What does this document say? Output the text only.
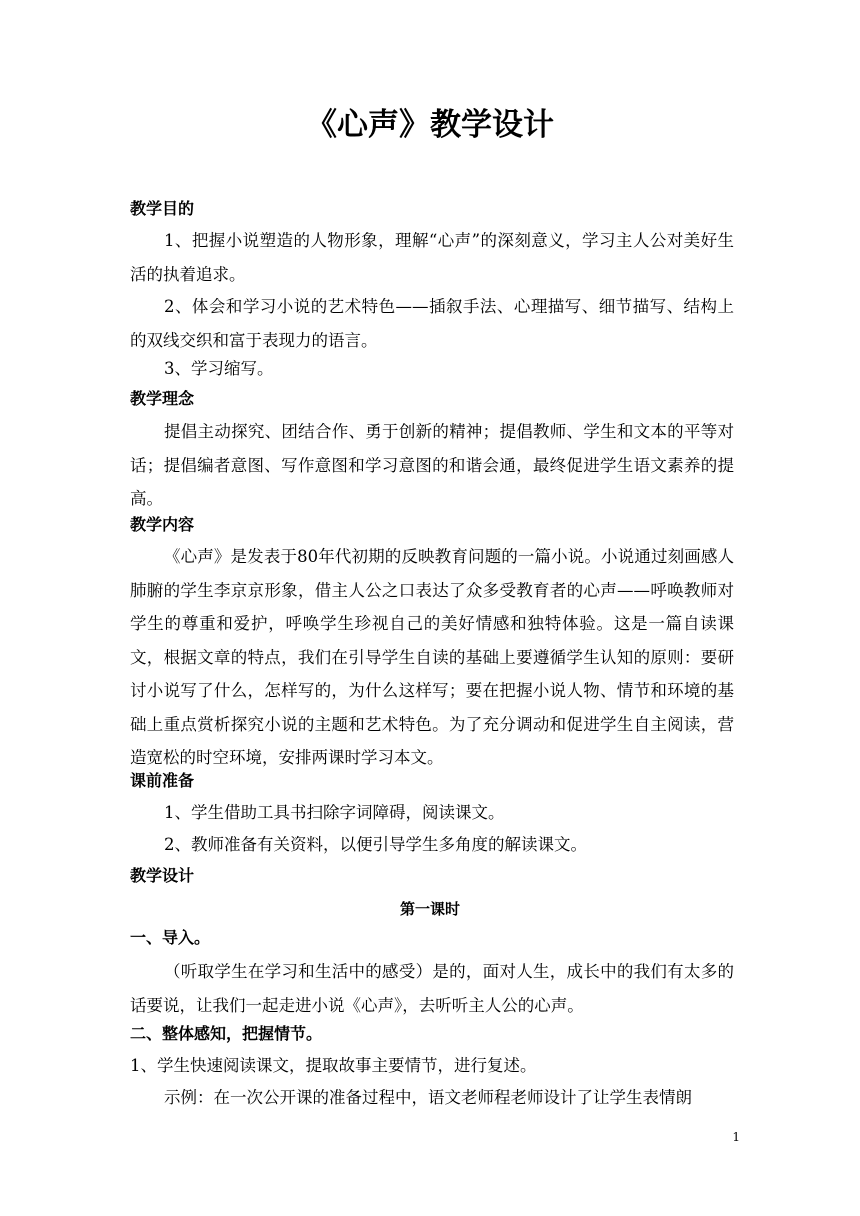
《心声》教学设计
教学目的
1、把握小说塑造的人物形象，理解“心声”的深刻意义，学习主人公对美好生活的执着追求。
2、体会和学习小说的艺术特色——插叙手法、心理描写、细节描写、结构上的双线交织和富于表现力的语言。
3、学习缩写。
教学理念
提倡主动探究、团结合作、勇于创新的精神；提倡教师、学生和文本的平等对话；提倡编者意图、写作意图和学习意图的和谐会通，最终促进学生语文素养的提高。
教学内容
《心声》是发表于80年代初期的反映教育问题的一篇小说。小说通过刻画感人肺腑的学生李京京形象，借主人公之口表达了众多受教育者的心声——呼唤教师对学生的尊重和爱护，呼唤学生珍视自己的美好情感和独特体验。这是一篇自读课文，根据文章的特点，我们在引导学生自读的基础上要遵循学生认知的原则：要研讨小说写了什么，怎样写的，为什么这样写；要在把握小说人物、情节和环境的基础上重点赏析探究小说的主题和艺术特色。为了充分调动和促进学生自主阅读，营造宽松的时空环境，安排两课时学习本文。
课前准备
1、学生借助工具书扫除字词障碍，阅读课文。
2、教师准备有关资料，以便引导学生多角度的解读课文。
教学设计
第一课时
一、导入。
（听取学生在学习和生活中的感受）是的，面对人生，成长中的我们有太多的话要说，让我们一起走进小说《心声》，去听听主人公的心声。
二、整体感知，把握情节。
1、学生快速阅读课文，提取故事主要情节，进行复述。
示例：在一次公开课的准备过程中，语文老师程老师设计了让学生表情朗
1
